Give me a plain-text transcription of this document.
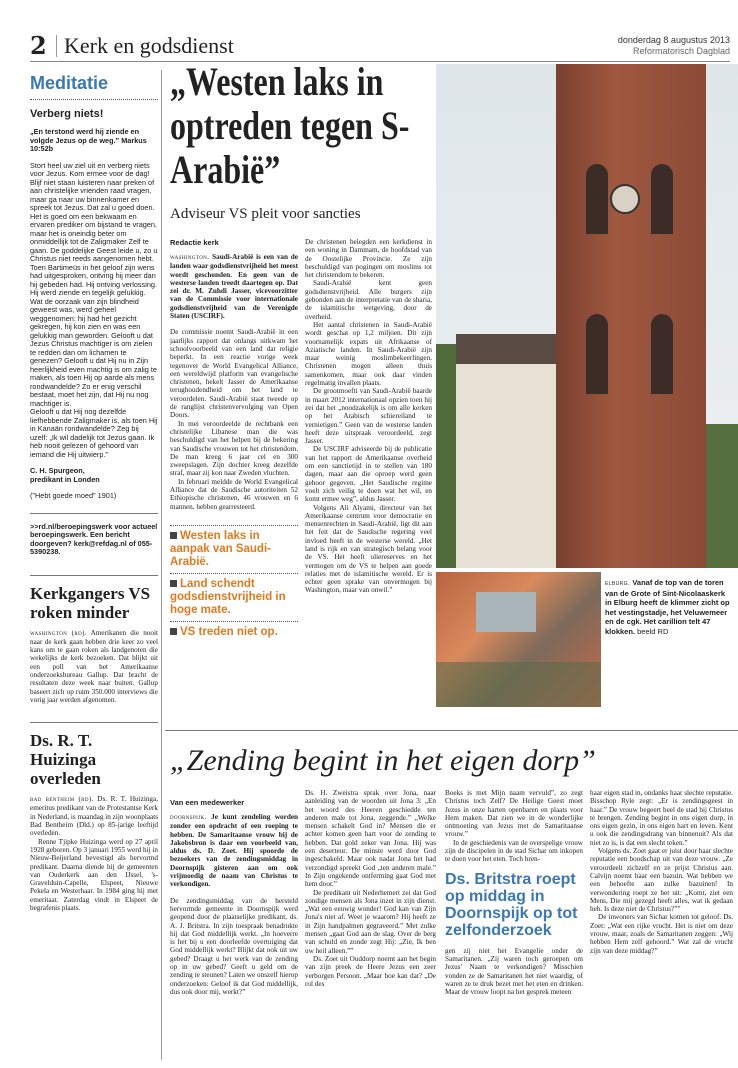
2 Kerk en godsdienst	donderdag 8 augustus 2013
Reformatorisch Dagblad
Meditatie
Verberg niets!
„En terstond werd hij ziende en volgde Jezus op de weg.” Markus 10:52b

Stort heel uw ziel uit en verberg niets voor Jezus. Kom ermee voor de dag! Blijf niet staan luisteren naar preken of aan christelijke vrienden raad vragen, maar ga naar uw binnenkamer en spreek tot Jezus. Dat zal u goed doen.

Het is goed om een bekwaam en ervaren prediker om bijstand te vragen, maar het is oneindig beter om onmiddellijk tot de Zaligmaker Zelf te gaan. De goddelijke Geest leide u, zo u Christus niet reeds aangenomen hebt.

Toen Bartimeüs in het geloof zijn wens had uitgesproken, ontving hij meer dan hij gebeden had. Hij ontving verlossing. Hij werd ziende en tegelijk gelukkig.

Wat de oorzaak van zijn blindheid geweest was, werd geheel weggenomen: hij had het gezicht gekregen, hij kon zien en was een gelukkig man geworden. Gelooft u dat Jezus Christus machtiger is om zielen te redden dan om lichamen te genezen? Gelooft u dat Hij nu in Zijn heerlijkheid even machtig is om zalig te maken, als toen Hij op aarde als mens rondwandelde? Zo er enig verschil bestaat, moet het zijn, dat Hij nu nog machtiger is.

Gelooft u dat Hij nog dezelfde liefhebbende Zaligmaker is, als toen Hij in Kanaän rondwandelde? Zeg bij uzelf: „Ik wil dadelijk tot Jezus gaan. Ik heb nooit gelezen of gehoord van iemand die Hij uitwierp.”

C. H. Spurgeon,
predikant in Londen
("Hebt goede moed" 1901)
>>rd.nl/beroepingswerk voor actueel beroepingswerk. Een bericht doorgeven? kerk@refdag.nl of 055-5390238.
Kerkgangers VS roken minder

washington (rd). Amerikanen die nooit naar de kerk gaan hebben drie keer zo veel kans om te gaan roken als landgenoten die wekelijks de kerk bezoeken. Dat blijkt uit een poll van het Amerikaanse onderzoeksbureau Gallup. Dat bracht de resultaten deze week naar buiten. Gallup baseert zich op ruim 350.000 interviews die vorig jaar werden afgenomen.

Ds. R. T. Huizinga overleden

bad bentheim (rd). Ds. R. T. Huizinga, emeritus predikant van de Protestantse Kerk in Nederland, is maandag in zijn woonplaats Bad Bentheim (Dld.) op 85-jarige leeftijd overleden.

Renne Tjipke Huizinga werd op 27 april 1928 geboren. Op 3 januari 1955 werd hij in Nieuw-Beijerland bevestigd als hervormd predikant. Daarna diende hij de gemeenten van Ouderkerk aan den IJssel, 's-Gravelduin-Capelle, Elspeet, Nieuwe Pekela en Westerhaar. In 1984 ging hij met emeritaat. Zaterdag vindt in Elspeet de begrafenis plaats.

„Westen laks in optreden tegen S-Arabië”
Adviseur VS pleit voor sancties
Redactie kerk

washington. Saudi-Arabië is een van de landen waar godsdienstvrijheid het meest wordt geschonden. En geen van de westerse landen treedt daartegen op. Dat zei dr. M. Zuhdi Jasser, vicevoorzitter van de Commissie voor internationale godsdienstvrijheid van de Verenigde Staten (USCIRF).

De commissie noemt Saudi-Arabië in een jaarlijks rapport dat onlangs uitkwam het schoolvoorbeeld van een land dat religie beperkt. In een reactie vorige week tegenover de World Evangelical Alliance, een wereldwijd platform van evangelische christenen, hekelt Jasser de Amerikaanse terughoudendheid om het land te veroordelen. Saudi-Arabië staat tweede op de ranglijst christenvervolging van Open Doors.

In mei veroordeelde de rechtbank een christelijke Libanese man die was beschuldigd van het helpen bij de bekering van Saudische vrouwen tot het christendom. De man kreeg 6 jaar cel en 300 zweepslagen. Zijn dochter kreeg dezelfde straf, maar zij kon naar Zweden vluchten.

In februari meldde de World Evangelical Alliance dat de Saudische autoriteiten 52 Ethiopische christenen, 46 vrouwen en 6 mannen, hebben gearresteerd.

Westen laks in aanpak van Saudi-Arabië.
Land schendt godsdienstvrijheid in hoge mate.
VS treden niet op.

De christenen belegden een kerkdienst in een woning in Dammam, de hoofdstad van de Oostelijke Provincie. Ze zijn beschuldigd van pogingen om moslims tot het christendom te bekeren.

Saudi-Arabië kent geen godsdienstvrijheid. Alle burgers zijn gebonden aan de interpretatie van de sharia, de islamitische wetgeving, door de overheid.

Het aantal christenen in Saudi-Arabië wordt geschat op 1,2 miljoen. Dit zijn voornamelijk expats uit Afrikaanse of Aziatische landen. In Saudi-Arabië zijn maar weinig moslimbekeerlingen. Christenen mogen alleen thuis samenkomen, maar ook daar vinden regelmatig invallen plaats.

De grootmoefti van Saudi-Arabië baarde in maart 2012 internationaal opzien toen hij zei dat het „noodzakelijk is om alle kerken op het Arabisch schiereiland te vernietigen.” Geen van de westerse landen heeft deze uitspraak veroordeeld, zegt Jasser.

De USCIRF adviseerde bij de publicatie van het rapport de Amerikaanse overheid om een sanctietijd in te stellen van 180 dagen, maar aan die oproep werd geen gehoor gegeven. „Het Saudische regime voelt zich veilig te doen wat het wil, en komt ermee weg”, aldus Jasser.

Volgens Ali Alyami, directeur van het Amerikaanse centrum voor democratie en mensenrechten in Saudi-Arabië, ligt dit aan het feit dat de Saudische regering veel invloed heeft in de westerse wereld. „Het land is rijk en van strategisch belang voor de VS. Het heeft oliereserves en het vermogen om de VS te helpen aan goede relaties met de islamitische wereld. Er is echter geen sprake van onvermogen bij Washington, maar van onwil.”

elburg. Vanaf de top van de toren van de Grote of Sint-Nicolaaskerk in Elburg heeft de klimmer zicht op het vestingstadje, het Veluwemeer en de cgk. Het carillion telt 47 klokken. beeld RD
„Zending begint in het eigen dorp”
Van een medewerker

doornspijk. Je kunt zendeling worden zonder een opdracht of een roeping te hebben. De Samaritaanse vrouw bij de Jakobsbron is daar een voorbeeld van, aldus ds. D. Zoet. Hij spoorde de bezoekers van de zendingsmiddag in Doornspijk gisteren aan om ook vrijmoedig de naam van Christus te verkondigen.

De zendingsmiddag van de hersteld hervormde gemeente in Doornspijk werd geopend door de plaatselijke predikant, ds. A. J. Britstra. In zijn toespraak benadrukte hij dat God middellijk werkt. „In hoeverre is het bij u een doorleefde overtuiging dat God middellijk werkt? Blijkt dat ook uit uw gebed? Draagt u het werk van de zending op in uw gebed? Geeft u geld om de zending te steunen? Laten we onszelf hierop onderzoeken: Geloof ik dat God middellijk, dus ook door mij, werkt?”

Ds. H. Zweistra sprak over Jona, naar aanleiding van de woorden uit Jona 3: „En het woord des Heeren geschiedde ten anderen male tot Jona, zeggende.” „Welke mensen schakelt God in? Mensen die er achter komen geen hart voor de zending te hebben. Dat gold zeker van Jona. Hij was een deserteur. De minste werd door God ingeschakeld. Maar ook nadat Jona het had verzondigd spreekt God „ten anderen male.” In Zijn ongekende ontferming gaat God met hem door.”

De predikant uit Nederhemert zei dat God zondige mensen als Jona inzet in zijn dienst. „Wat een eeuwig wonder! God kan van Zijn Jona's niet af. Weet je waarom? Hij heeft ze in Zijn handpalmen gegraveerd.” Met zulke mensen „gaat God aan de slag. Over de berg van schuld en zonde zegt Hij: „Zie, Ik ben uw heil alleen.””

Ds. Zoet uit Ouddorp noemt aan het begin van zijn preek de Heere Jezus een zeer verborgen Persoon. „Maar hoe kan dat? „De rol des

Boeks is met Mijn naam vervuld”, zo zegt Christus toch Zelf? De Heilige Geest moet Jezus in onze harten openbaren en plaats voor Hem maken. Dat zien we in de wonderlijke ontmoeting van Jezus met de Samaritaanse vrouw.”

In de geschiedenis van de overspelige vrouw zijn de discipelen in de stad Sichar om inkopen te doen voor het eten. Toch bren-

Ds. Britstra roept op middag in Doornspijk op tot zelfonderzoek

gen zij niet het Evangelie onder de Samaritanen. „Zij waren toch geroepen om Jezus' Naam te verkondigen? Misschien vonden ze de Samaritanen het niet waardig, of waren ze te druk bezet met het eten en drinken. Maar de vrouw loopt na het gesprek meteen

haar eigen stad in, ondanks haar slechte reputatie. Bisschop Ryle zegt: „Er is zendingsgeest in haar.” De vrouw begeert heel de stad bij Christus te brengen. Zending begint in ons eigen dorp, in ons eigen gezin, in ons eigen hart en leven. Kent u ook die zendingsdrang van binnenuit? Als dat niet zo is, is dat een slecht teken.”

Volgens ds. Zoet gaat er juist door haar slechte reputatie een boodschap uit van deze vrouw. „Ze veroordeelt zichzelf en ze prijst Christus aan. Calvijn noemt haar een bazuin. Wat hebben we een behoefte aan zulke bazuinen! In verwondering roept ze het uit: „Komt, ziet een Mens, Die mij gezegd heeft alles, wat ik gedaan heb. Is deze niet de Christus?””

De inwoners van Sichar komen tot geloof. Ds. Zoet: „Wat een rijke vrucht. Het is niet om deze vrouw, maar, zoals de Samaritanen zeggen: „Wij hebben Hem zelf gehoord.” Wat zal de vrucht zijn van deze middag?”
